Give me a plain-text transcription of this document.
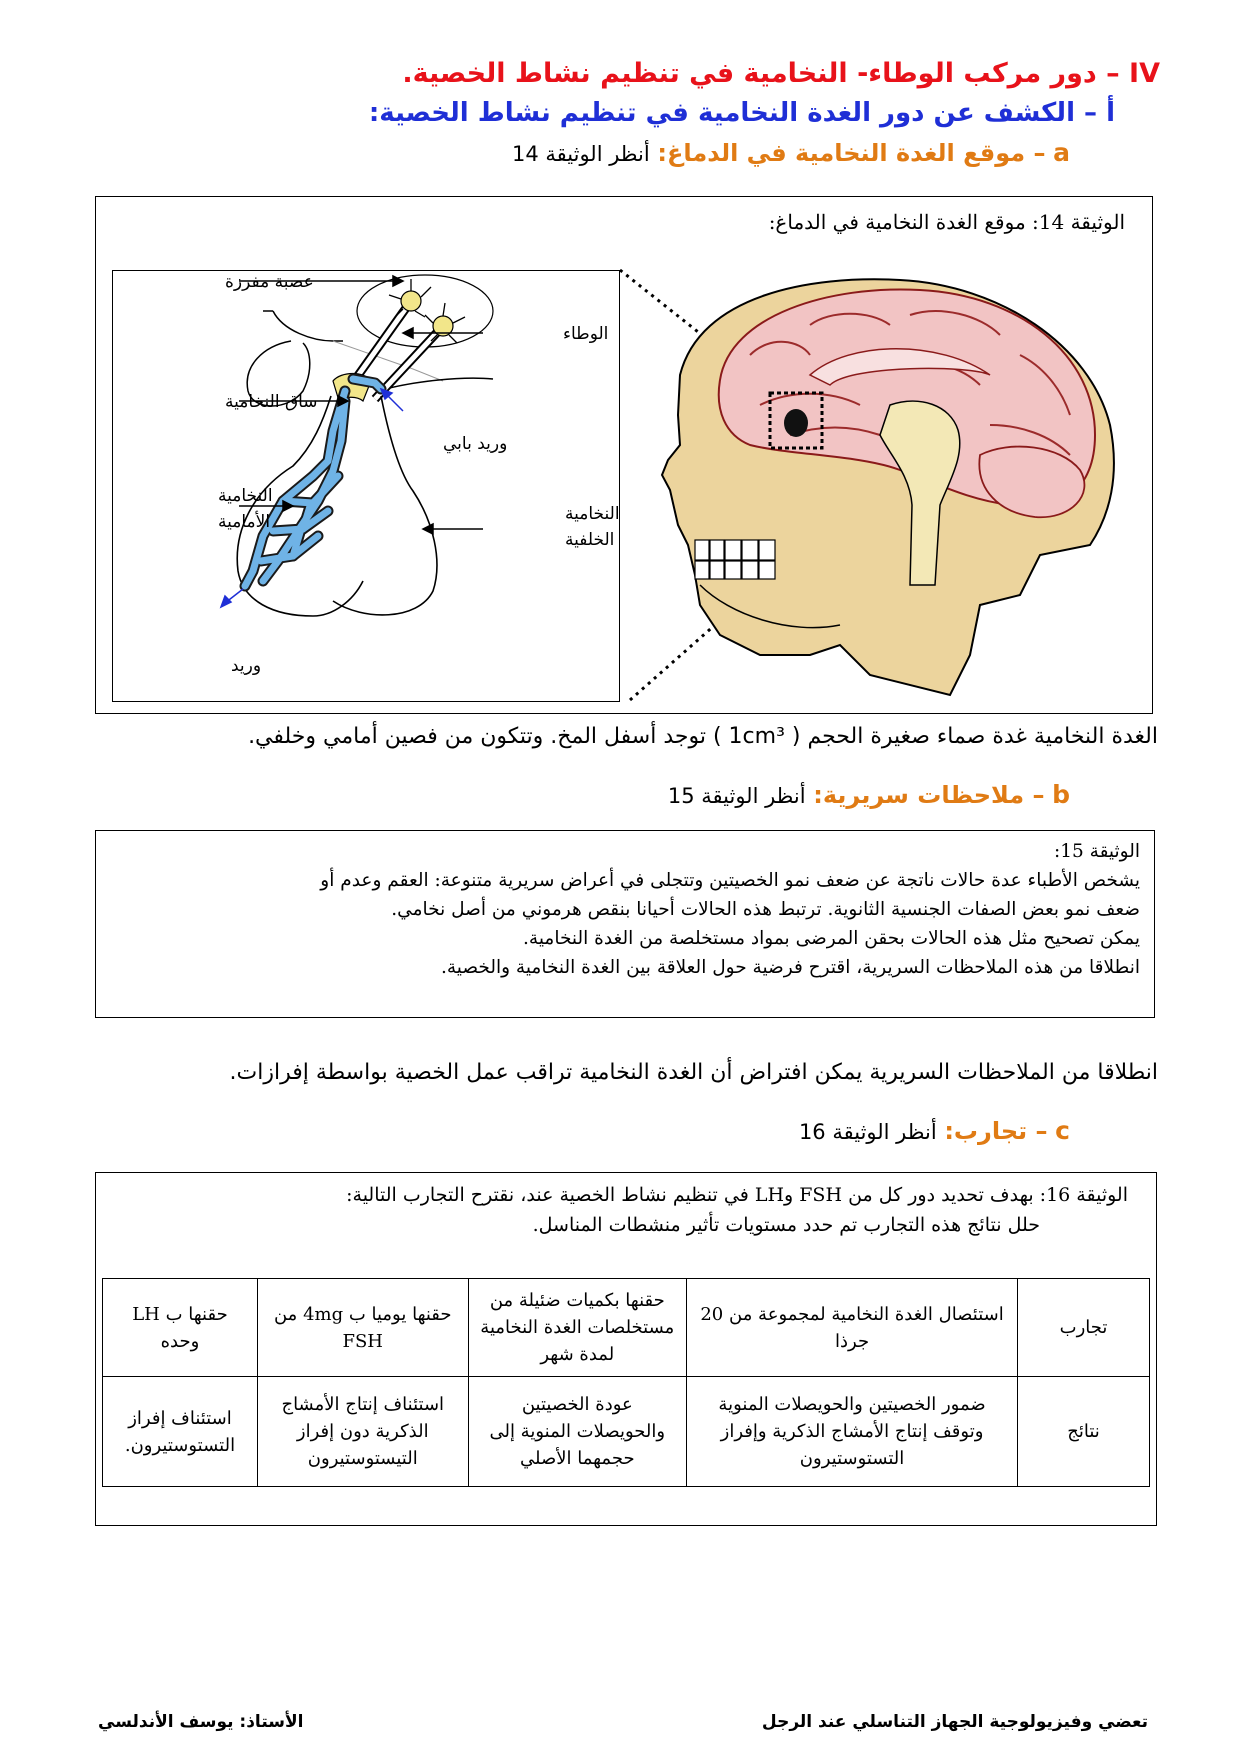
IV – دور مركب الوطاء- النخامية في تنظيم نشاط الخصية.
أ – الكشف عن دور الغدة النخامية في تنظيم نشاط الخصية:
a – موقع الغدة النخامية في الدماغ: أنظر الوثيقة 14
الوثيقة 14: موقع الغدة النخامية في الدماغ:
عصبة مفرزة
الوطاء
ساق النخامية
وريد بابي
النخامية
الأمامية	النخامية
الخلفية
وريد
الغدة النخامية غدة صماء صغيرة الحجم ( 1cm³ ) توجد أسفل المخ. وتتكون من فصين أمامي وخلفي.
b – ملاحظات سريرية: أنظر الوثيقة 15

الوثيقة 15:

يشخص الأطباء عدة حالات ناتجة عن ضعف نمو الخصيتين وتتجلى في أعراض سريرية متنوعة: العقم وعدم أو

ضعف نمو بعض الصفات الجنسية الثانوية. ترتبط هذه الحالات أحيانا بنقص هرموني من أصل نخامي.

يمكن تصحيح مثل هذه الحالات بحقن المرضى بمواد مستخلصة من الغدة النخامية.

انطلاقا من هذه الملاحظات السريرية، اقترح فرضية حول العلاقة بين الغدة النخامية والخصية.

انطلاقا من الملاحظات السريرية يمكن افتراض أن الغدة النخامية تراقب عمل الخصية بواسطة إفرازات.
c – تجارب: أنظر الوثيقة 16
الوثيقة 16: بهدف تحديد دور كل من FSH وLH في تنظيم نشاط الخصية عند، نقترح التجارب التالية:
حلل نتائج هذه التجارب تم حدد مستويات تأثير منشطات المناسل.
تجارب	استئصال الغدة النخامية لمجموعة من 20 جرذا	حقنها بكميات ضئيلة من مستخلصات الغدة النخامية لمدة شهر	حقنها يوميا ب 4mg من FSH	حقنها ب LH وحده
نتائج	ضمور الخصيتين والحويصلات المنوية وتوقف إنتاج الأمشاج الذكرية وإفراز التستوستيرون	عودة الخصيتين والحويصلات المنوية إلى حجمهما الأصلي	استئناف إنتاج الأمشاج الذكرية دون إفراز التيستوستيرون	استئناف إفراز التستوستيرون.
تعضي وفيزيولوجية الجهاز التناسلي عند الرجل
الأستاذ: يوسف الأندلسي
